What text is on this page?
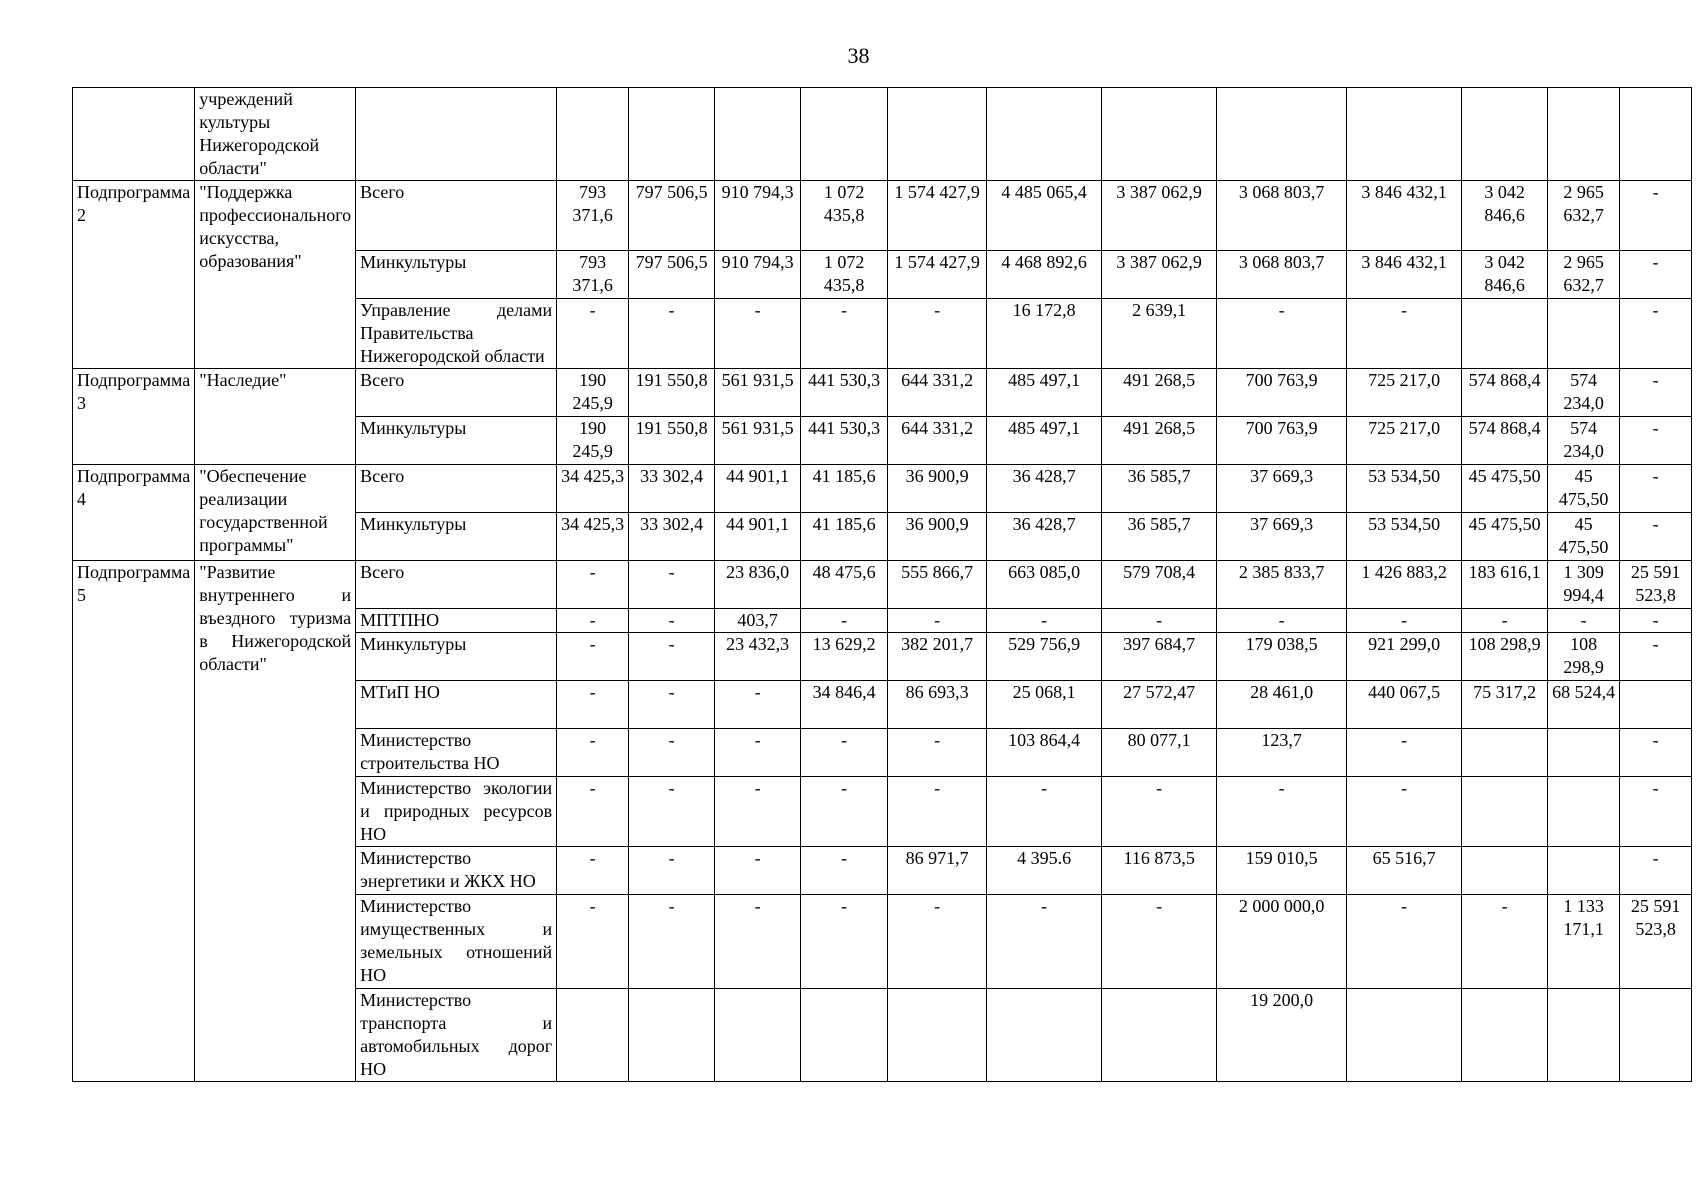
38
	учреждений культуры Нижегородской области"													
Подпрограмма 2	"Поддержка профессионального искусства, образования"	Всего	793 371,6	797 506,5	910 794,3	1 072 435,8	1 574 427,9	4 485 065,4	3 387 062,9	3 068 803,7	3 846 432,1	3 042 846,6	2 965 632,7	-
		Минкультуры	793 371,6	797 506,5	910 794,3	1 072 435,8	1 574 427,9	4 468 892,6	3 387 062,9	3 068 803,7	3 846 432,1	3 042 846,6	2 965 632,7	-
		Управление делами Правительства Нижегородской области	-	-	-	-	-	16 172,8	2 639,1	-	-			-
Подпрограмма 3	"Наследие"	Всего	190 245,9	191 550,8	561 931,5	441 530,3	644 331,2	485 497,1	491 268,5	700 763,9	725 217,0	574 868,4	574 234,0	-
		Минкультуры	190 245,9	191 550,8	561 931,5	441 530,3	644 331,2	485 497,1	491 268,5	700 763,9	725 217,0	574 868,4	574 234,0	-
Подпрограмма 4	"Обеспечение реализации государственной программы"	Всего	34 425,3	33 302,4	44 901,1	41 185,6	36 900,9	36 428,7	36 585,7	37 669,3	53 534,50	45 475,50	45 475,50	-
		Минкультуры	34 425,3	33 302,4	44 901,1	41 185,6	36 900,9	36 428,7	36 585,7	37 669,3	53 534,50	45 475,50	45 475,50	-
Подпрограмма 5	"Развитие внутреннего и въездного туризма в Нижегородской области"	Всего	-	-	23 836,0	48 475,6	555 866,7	663 085,0	579 708,4	2 385 833,7	1 426 883,2	183 616,1	1 309 994,4	25 591 523,8
		МПТПНО	-	-	403,7	-	-	-	-	-	-	-	-	-
		Минкультуры	-	-	23 432,3	13 629,2	382 201,7	529 756,9	397 684,7	179 038,5	921 299,0	108 298,9	108 298,9	-
		МТиП НО	-	-	-	34 846,4	86 693,3	25 068,1	27 572,47	28 461,0	440 067,5	75 317,2	68 524,4	
		Министерство строительства НО	-	-	-	-	-	103 864,4	80 077,1	123,7	-			-
		Министерство экологии и природных ресурсов НО	-	-	-	-	-	-	-	-	-			-
		Министерство энергетики и ЖКХ НО	-	-	-	-	86 971,7	4 395.6	116 873,5	159 010,5	65 516,7			-
		Министерство имущественных и земельных отношений НО	-	-	-	-	-	-	-	2 000 000,0	-	-	1 133 171,1	25 591 523,8
		Министерство транспорта и автомобильных дорог НО								19 200,0				
